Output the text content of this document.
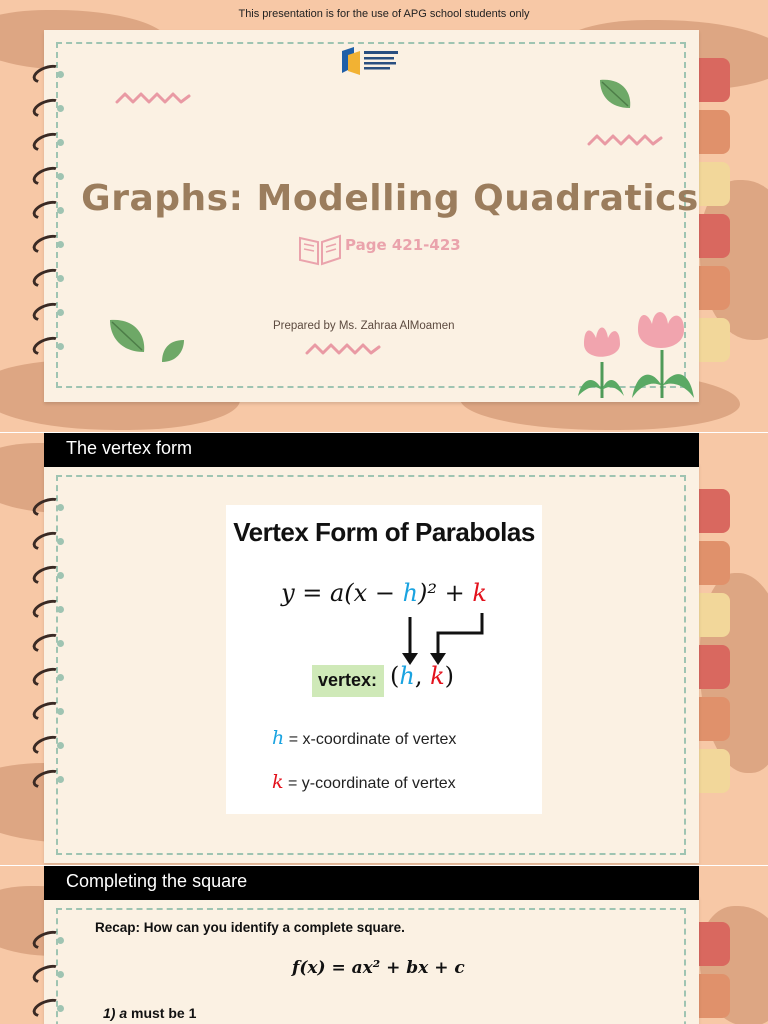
This presentation is for the use of APG school students only
Graphs: Modelling Quadratics
Page 421-423
Prepared by Ms. Zahraa AlMoamen
The vertex form
Vertex Form of Parabolas
y = a(x − h)² + k
vertex: (h, k)
h = x-coordinate of vertex
k = y-coordinate of vertex
Completing the square
Recap: How can you identify a complete square.
f(x) = ax² + bx + c
1) a must be 1
